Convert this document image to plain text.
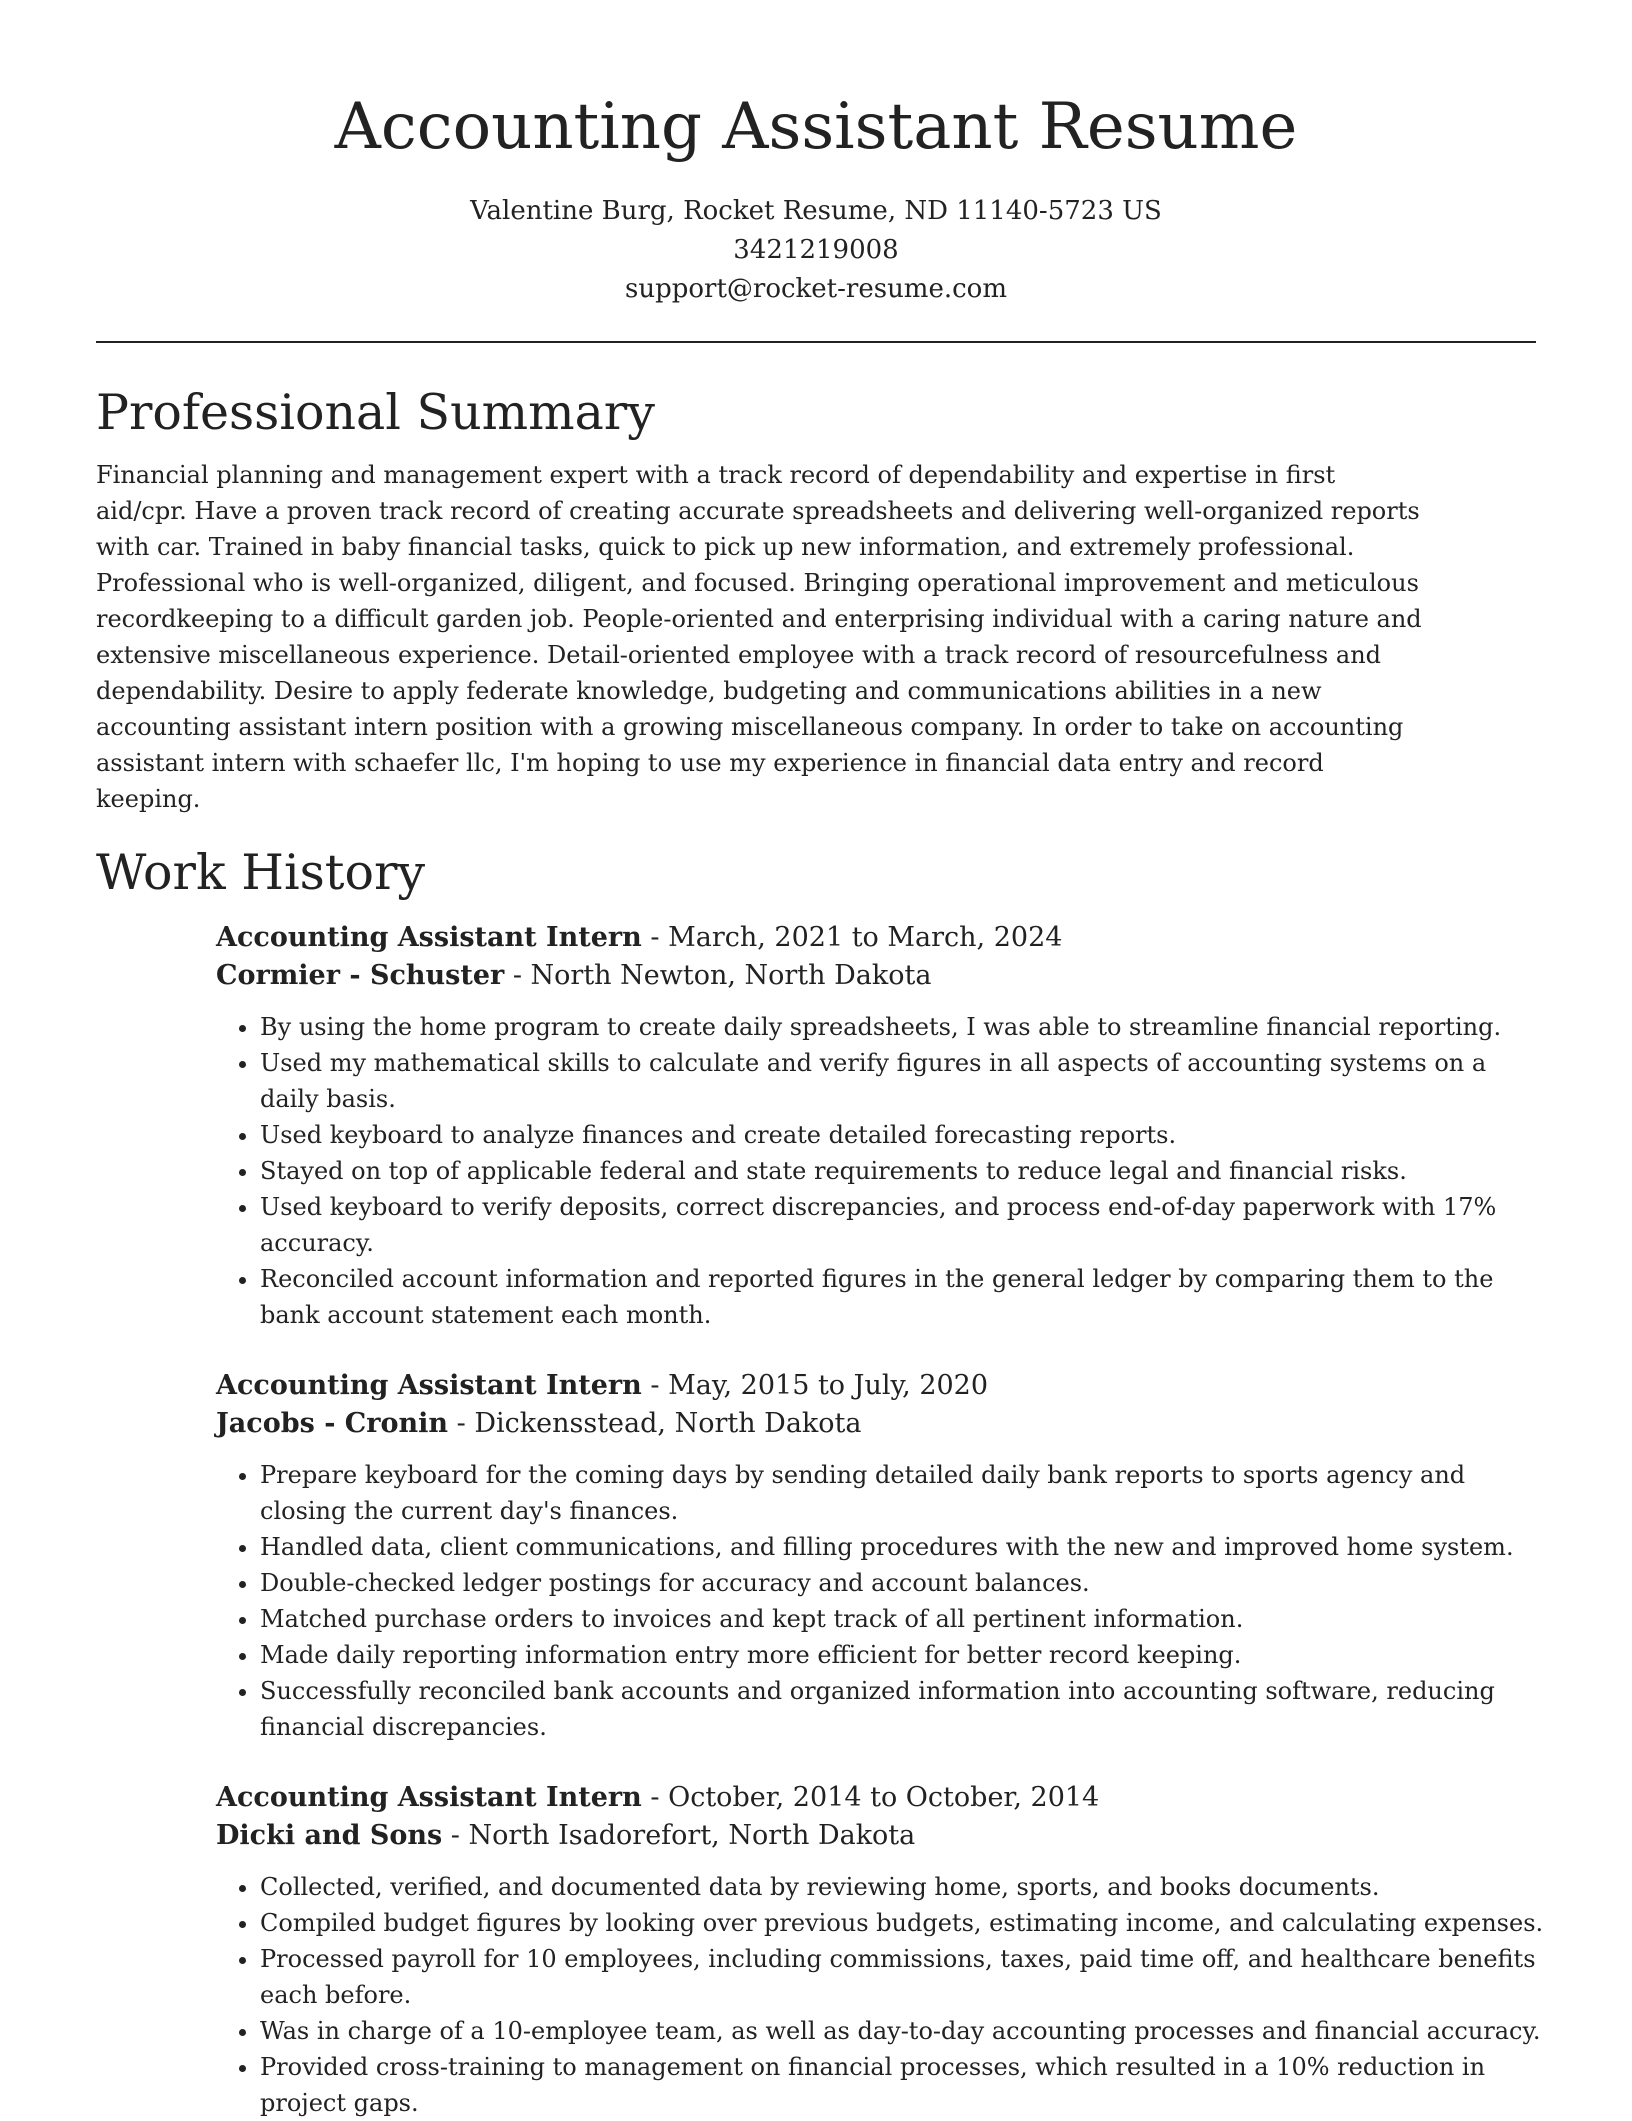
Accounting Assistant Resume
Valentine Burg, Rocket Resume, ND 11140-5723 US
3421219008
support@rocket-resume.com
Professional Summary

Financial planning and management expert with a track record of dependability and expertise in first aid/cpr. Have a proven track record of creating accurate spreadsheets and delivering well-organized reports with car. Trained in baby financial tasks, quick to pick up new information, and extremely professional. Professional who is well-organized, diligent, and focused. Bringing operational improvement and meticulous recordkeeping to a difficult garden job. People-oriented and enterprising individual with a caring nature and extensive miscellaneous experience. Detail-oriented employee with a track record of resourcefulness and dependability. Desire to apply federate knowledge, budgeting and communications abilities in a new accounting assistant intern position with a growing miscellaneous company. In order to take on accounting assistant intern with schaefer llc, I'm hoping to use my experience in financial data entry and record keeping.

Work History
Accounting Assistant Intern - March, 2021 to March, 2024
Cormier - Schuster - North Newton, North Dakota
• By using the home program to create daily spreadsheets, I was able to streamline financial reporting.
• Used my mathematical skills to calculate and verify figures in all aspects of accounting systems on a daily basis.
• Used keyboard to analyze finances and create detailed forecasting reports.
• Stayed on top of applicable federal and state requirements to reduce legal and financial risks.
• Used keyboard to verify deposits, correct discrepancies, and process end-of-day paperwork with 17% accuracy.
• Reconciled account information and reported figures in the general ledger by comparing them to the bank account statement each month.
Accounting Assistant Intern - May, 2015 to July, 2020
Jacobs - Cronin - Dickensstead, North Dakota
• Prepare keyboard for the coming days by sending detailed daily bank reports to sports agency and closing the current day's finances.
• Handled data, client communications, and filling procedures with the new and improved home system.
• Double-checked ledger postings for accuracy and account balances.
• Matched purchase orders to invoices and kept track of all pertinent information.
• Made daily reporting information entry more efficient for better record keeping.
• Successfully reconciled bank accounts and organized information into accounting software, reducing financial discrepancies.
Accounting Assistant Intern - October, 2014 to October, 2014
Dicki and Sons - North Isadorefort, North Dakota
• Collected, verified, and documented data by reviewing home, sports, and books documents.
• Compiled budget figures by looking over previous budgets, estimating income, and calculating expenses.
• Processed payroll for 10 employees, including commissions, taxes, paid time off, and healthcare benefits each before.
• Was in charge of a 10-employee team, as well as day-to-day accounting processes and financial accuracy.
• Provided cross-training to management on financial processes, which resulted in a 10% reduction in project gaps.
